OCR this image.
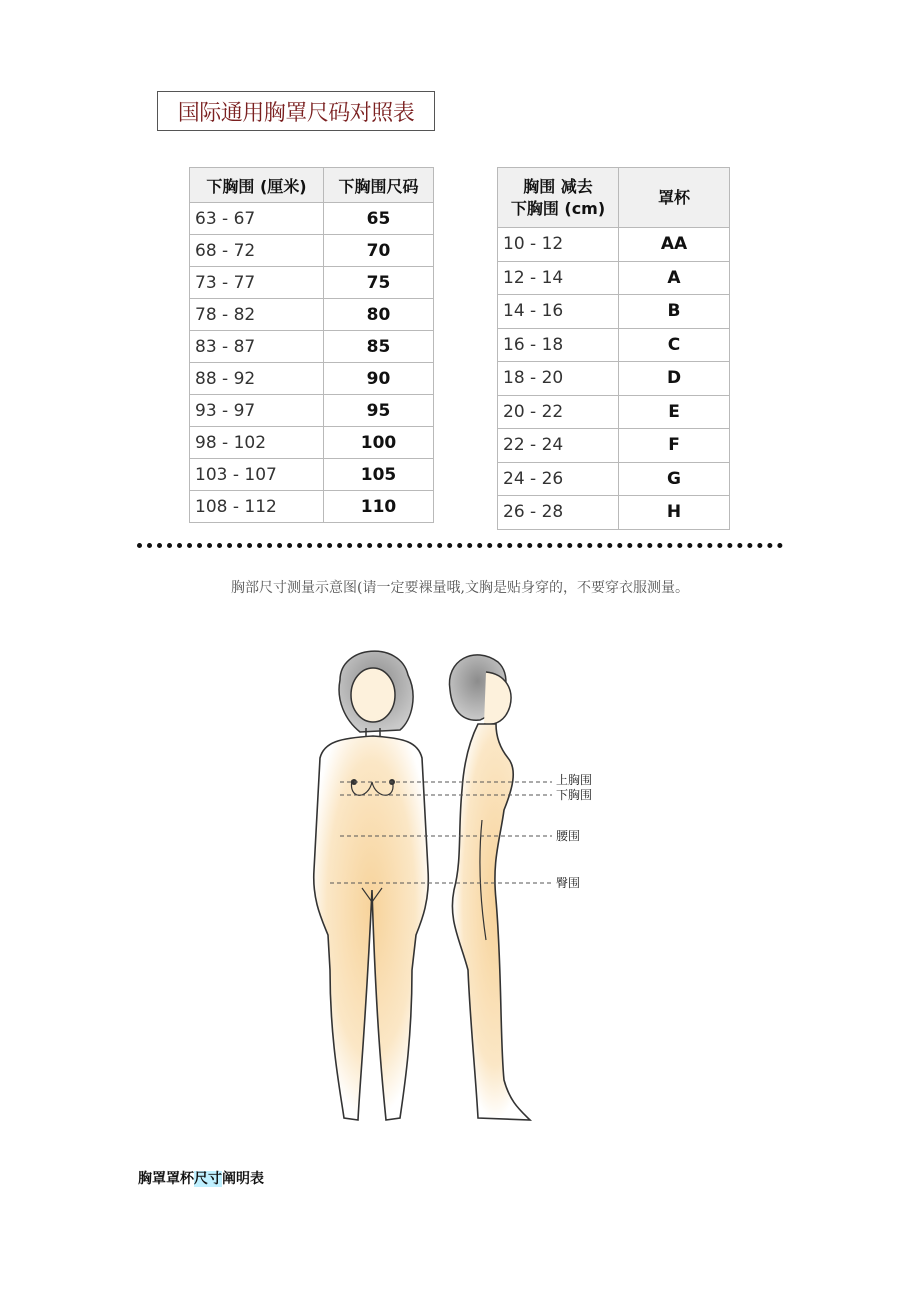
国际通用胸罩尺码对照表
下胸围 (厘米)	下胸围尺码
63 - 67	65
68 - 72	70
73 - 77	75
78 - 82	80
83 - 87	85
88 - 92	90
93 - 97	95
98 - 102	100
103 - 107	105
108 - 112	110
胸围 减去
下胸围 (cm)	罩杯
10 - 12	AA
12 - 14	A
14 - 16	B
16 - 18	C
18 - 20	D
20 - 22	E
22 - 24	F
24 - 26	G
26 - 28	H
胸部尺寸测量示意图(请一定要裸量哦,文胸是贴身穿的，不要穿衣服测量。
上胸围
下胸围
腰围
臀围
胸罩罩杯尺寸阐明表
